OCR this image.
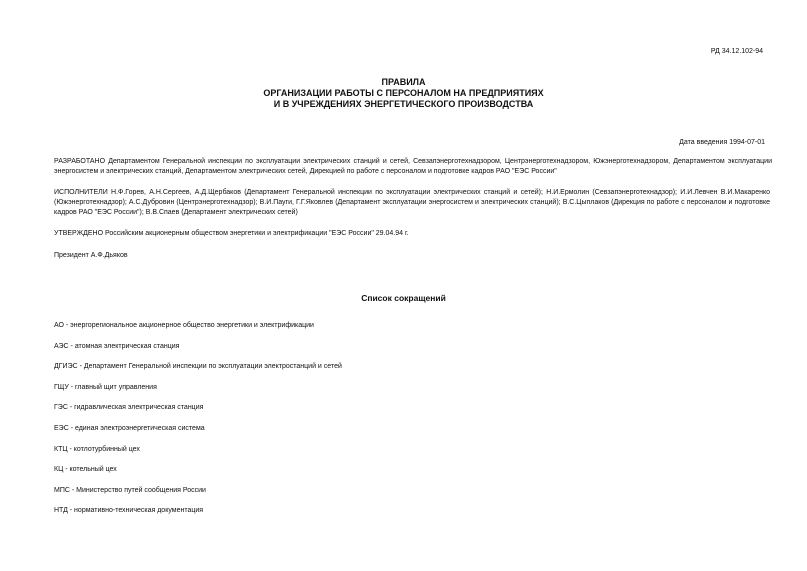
РД 34.12.102-94
ПРАВИЛА
ОРГАНИЗАЦИИ РАБОТЫ С ПЕРСОНАЛОМ НА ПРЕДПРИЯТИЯХ
И В УЧРЕЖДЕНИЯХ ЭНЕРГЕТИЧЕСКОГО ПРОИЗВОДСТВА
Дата введения 1994-07-01
РАЗРАБОТАНО Департаментом Генеральной инспекции по эксплуатации электрических станций и сетей, Севзапэнерготехнадзором, Центрэнерготехнадзором, Южэнерготехнадзором, Департаментом эксплуатации энергосистем и электрических станций, Департаментом электрических сетей, Дирекцией по работе с персоналом и подготовке кадров РАО "ЕЭС России"
ИСПОЛНИТЕЛИ Н.Ф.Горев, А.Н.Сергеев, А.Д.Щербаков (Департамент Генеральной инспекции по эксплуатации электрических станций и сетей); Н.И.Ермолин (Севзапэнерготехнадзор); И.И.Левчен В.И.Макаренко (Южэнерготехнадзор); А.С.Дубровин (Центрэнерготехнадзор); В.И.Пауги, Г.Г.Яковлев (Департамент эксплуатации энергосистем и электрических станций); В.С.Цыплаков (Дирекция по работе с персоналом и подготовке кадров РАО "ЕЭС России"); В.В.Спаев (Департамент электрических сетей)
УТВЕРЖДЕНО Российским акционерным обществом энергетики и электрификации "ЕЭС России" 29.04.94 г.
Президент А.Ф.Дьяков
Список сокращений
АО - энергорегиональное акционерное общество энергетики и электрификации
АЭС - атомная электрическая станция
ДГИЭС - Департамент Генеральной инспекции по эксплуатации электростанций и сетей
ГЩУ - главный щит управления
ГЭС - гидравлическая электрическая станция
ЕЭС - единая электроэнергетическая система
КТЦ - котлотурбинный цех
КЦ - котельный цех
МПС - Министерство путей сообщения России
НТД - нормативно-техническая документация
